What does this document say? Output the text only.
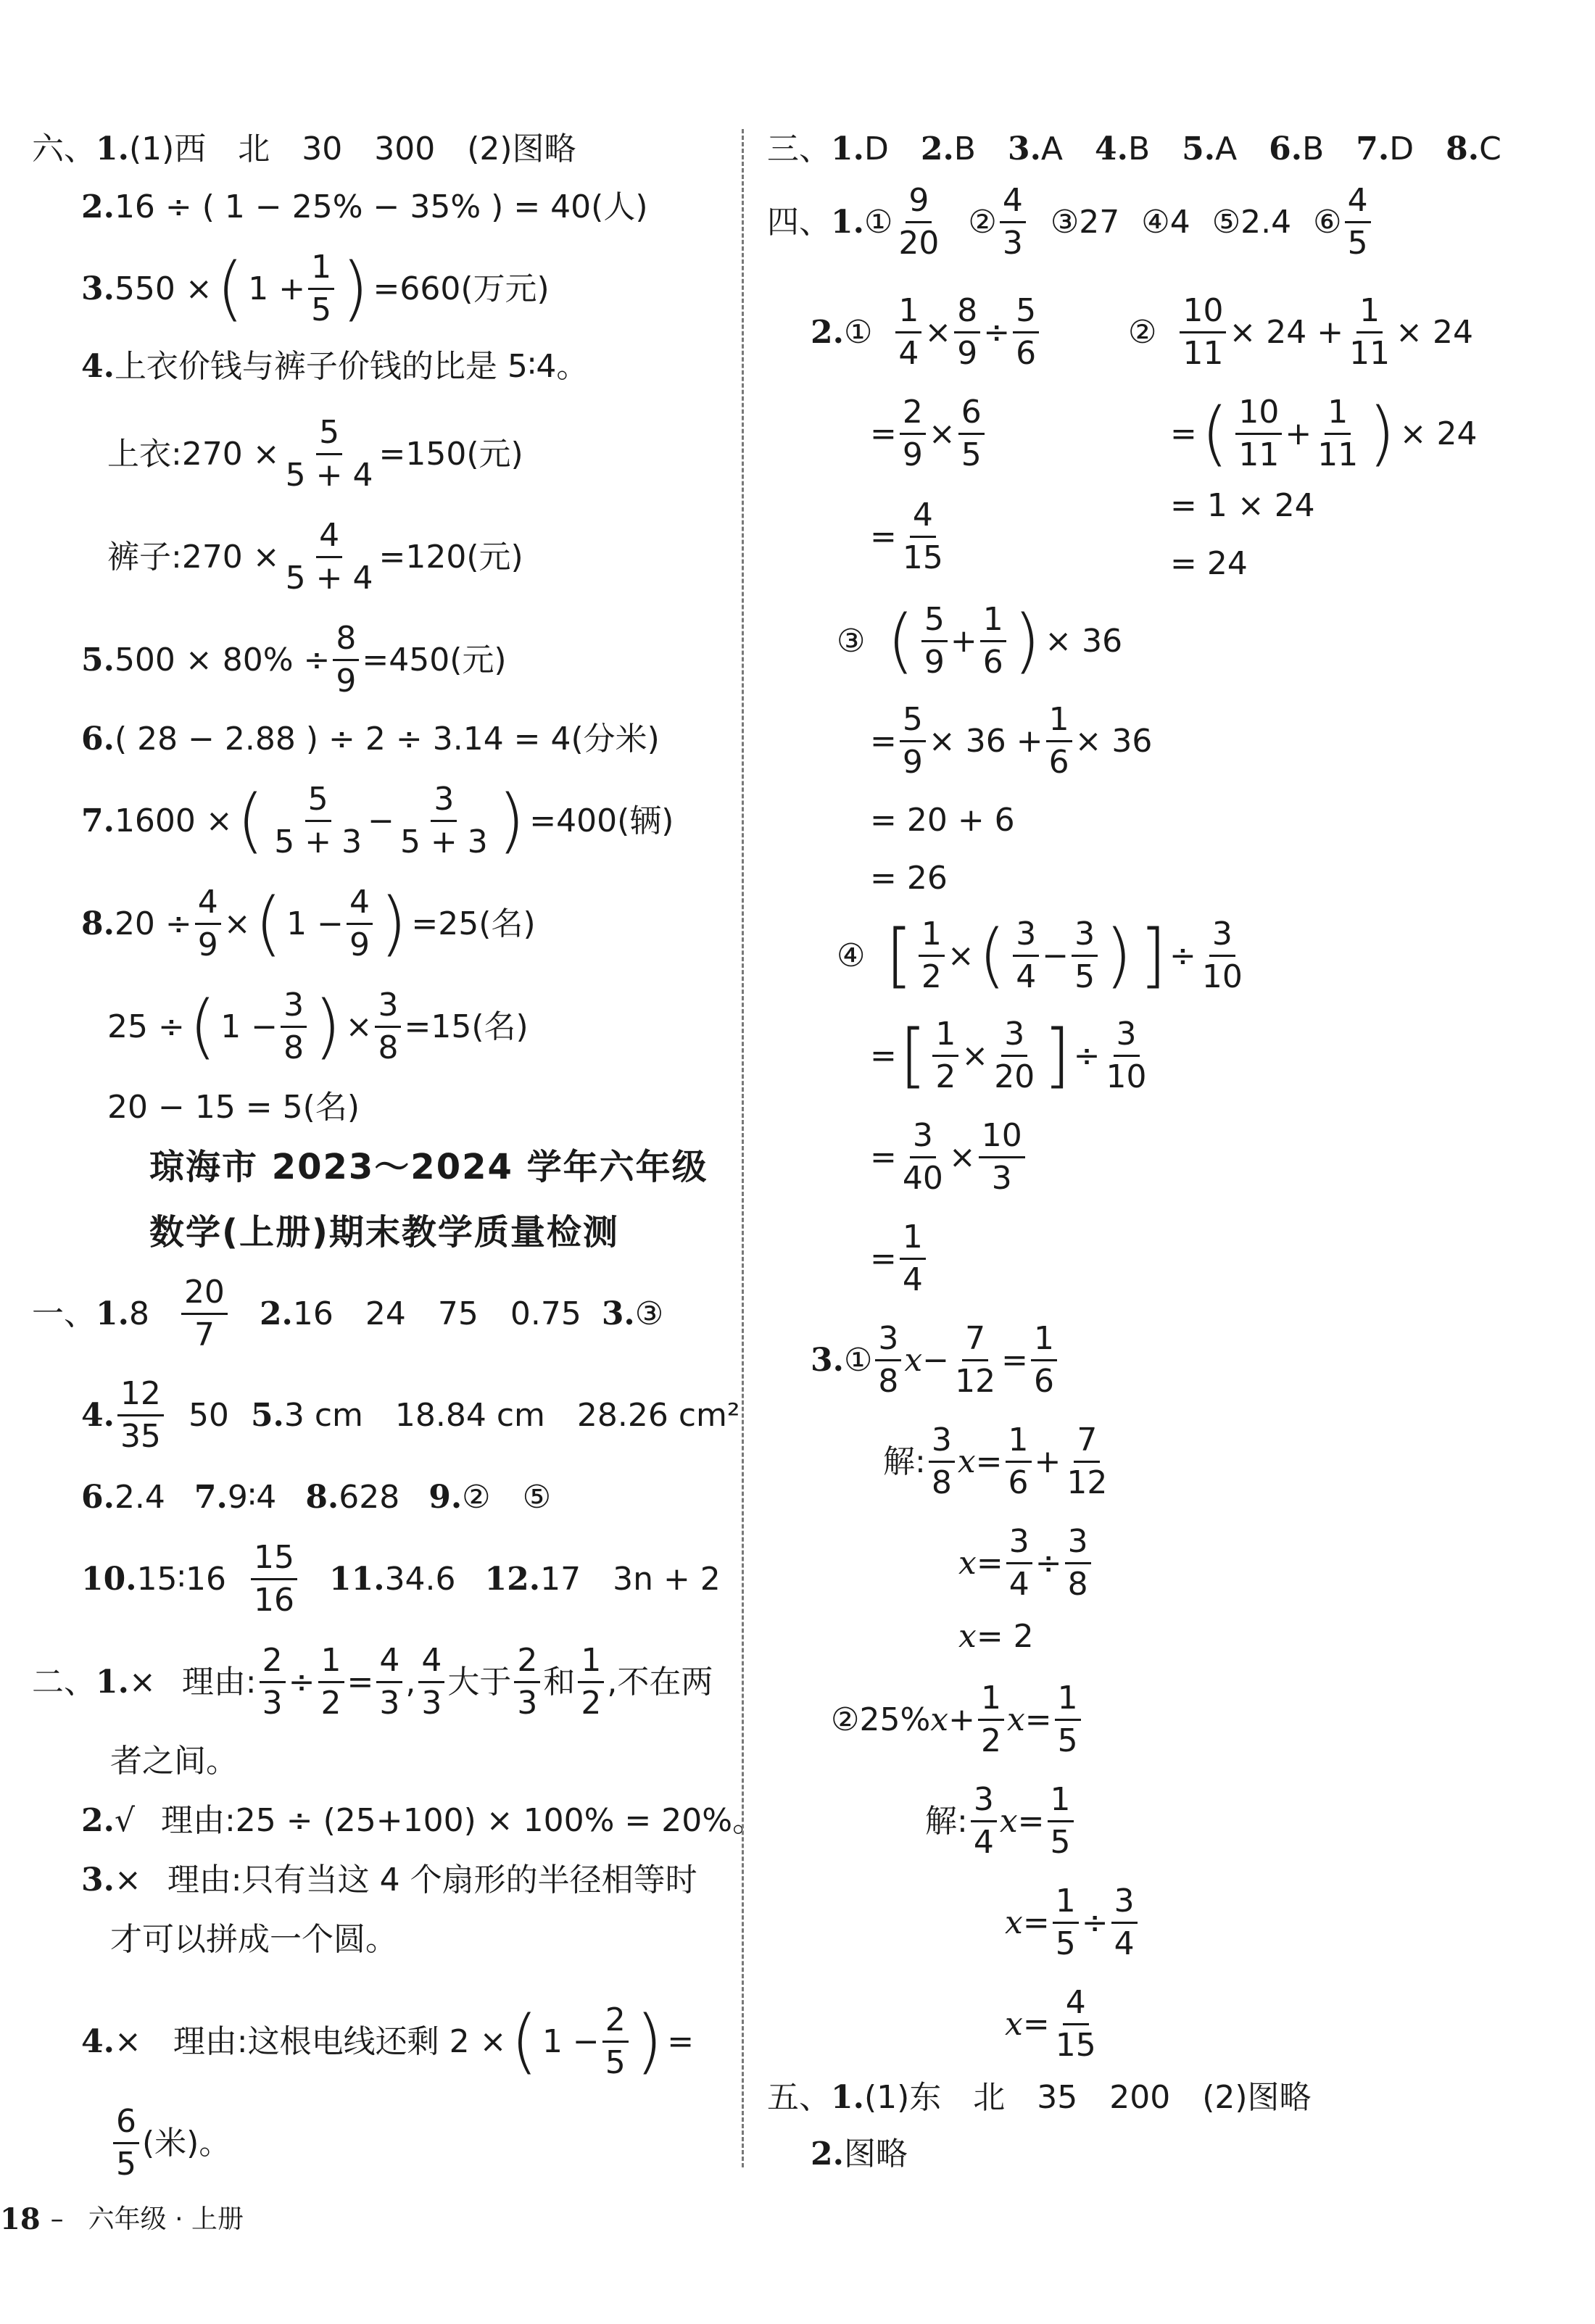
六、 1. (1)西　北　30　300　(2)图略
2. 16 ÷ ( 1 − 25% − 35% ) = 40(人)
3. 550 × ( $1 + \frac{1}{5}$ ) =660(万元)
4. 上衣价钱与裤子价钱的比是 5∶4。
上衣:270 × $\frac{5}{5 + 4} =150$(元)
裤子:270 × $\frac{4}{5 + 4} =120$(元)
5. $500 \times 80\% \div \frac{8}{9} =450$(元)
6. ( 28 − 2.88 ) ÷ 2 ÷ 3.14 = 4(分米)
7. 1600 × ( $\frac{5}{5 + 3} - \frac{3}{5 + 3}$ ) =400(辆)
8. $20 \div \frac{4}{9}$ × ( $1 - \frac{4}{9}$ ) =25(名)
25 ÷ ( $1 - \frac{3}{8}$ ) × $\frac{3}{8} =15$(名)
20 − 15 = 5(名)
琼海市 2023～2024 学年六年级
数学(上册)期末教学质量检测
一、 1. $8 \frac{20}{7} 2$. 16　24　75　0.75 3. ③
4. $\frac{12}{35} 50$ 5. 3 cm　18.84 cm　28.26 cm²
6. 2.4 7. 9∶4 8. 628 9. ②　⑤
10. 15∶16 $\frac{15}{16} 11$. 34.6 12. 17　3n + 2
二、 1. × 理由: $\frac{2}{3} \div \frac{1}{2} = \frac{4}{3}$ , $\frac{4}{3}$ 大于 $\frac{2}{3}$ 和 $\frac{1}{2}$ ,不在两
者之间。
2. √ 理由:25 ÷ (25+100) × 100% = 20%。
3. × 理由:只有当这 4 个扇形的半径相等时
才可以拼成一个圆。
4. × 理由:这根电线还剩 2 × ( $1 - \frac{2}{5}$ ) =
$\frac{6}{5}$ (米)。
18 – 六年级 · 上册
三、 1. D 2. B 3. A 4. B 5. A 6. B 7. D 8. C
四、 1. ① $\frac{9}{20}$ ② $\frac{4}{3}$ ③27 ④4 ⑤2.4 ⑥ $\frac{4}{5}$
2. ① $\frac{1}{4} \times \frac{8}{9} \div \frac{5}{6}$
= $\frac{2}{9} \times \frac{6}{5}$
= $\frac{4}{15}$
② $\frac{10}{11} \times 24 + \frac{1}{11} \times 24$
= ( $\frac{10}{11} + \frac{1}{11}$ ) × 24
= 1 × 24
= 24
③ ( $\frac{5}{9} + \frac{1}{6}$ ) × 36
= $\frac{5}{9} \times 36 + \frac{1}{6} \times 36$
= 20 + 6
= 26
④ [ $\frac{1}{2}$ × ( $\frac{3}{4} - \frac{3}{5}$ ) ] ÷ $\frac{3}{10}$
= [ $\frac{1}{2} \times \frac{3}{20}$ ] ÷ $\frac{3}{10}$
= $\frac{3}{40} \times \frac{10}{3}$
= $\frac{1}{4}$
3. ① $\frac{3}{8}$ $x - \frac{7}{12} = \frac{1}{6}$
解: $\frac{3}{8}$ $x = \frac{1}{6} + \frac{7}{12}$
$x = \frac{3}{4} \div \frac{3}{8}$
x = 2
② 25% $x + \frac{1}{2}$ $x = \frac{1}{5}$
解: $\frac{3}{4}$ $x = \frac{1}{5}$
$x = \frac{1}{5} \div \frac{3}{4}$
$x = \frac{4}{15}$
五、 1. (1)东　北　35　200　(2)图略
2. 图略
